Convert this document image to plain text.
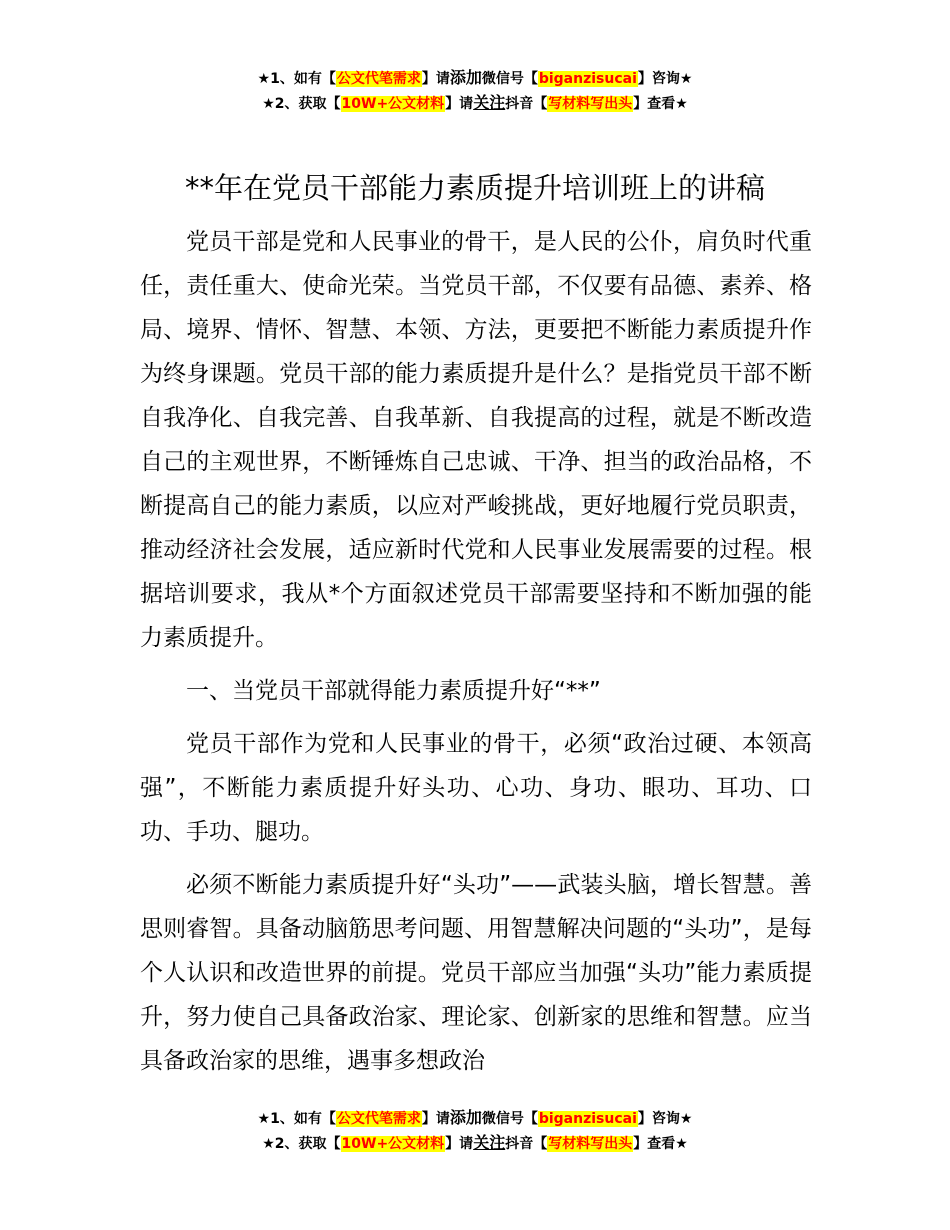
★1、如有【公文代笔需求】请添加微信号【biganzisucai】咨询★
★2、获取【10W+公文材料】请关注抖音【写材料写出头】查看★
**年在党员干部能力素质提升培训班上的讲稿

党员干部是党和人民事业的骨干，是人民的公仆，肩负时代重任，责任重大、使命光荣。当党员干部，不仅要有品德、素养、格局、境界、情怀、智慧、本领、方法，更要把不断能力素质提升作为终身课题。党员干部的能力素质提升是什么？是指党员干部不断自我净化、自我完善、自我革新、自我提高的过程，就是不断改造自己的主观世界，不断锤炼自己忠诚、干净、担当的政治品格，不断提高自己的能力素质，以应对严峻挑战，更好地履行党员职责，推动经济社会发展，适应新时代党和人民事业发展需要的过程。根据培训要求，我从*个方面叙述党员干部需要坚持和不断加强的能力素质提升。

一、当党员干部就得能力素质提升好“**”

党员干部作为党和人民事业的骨干，必须“政治过硬、本领高强”，不断能力素质提升好头功、心功、身功、眼功、耳功、口功、手功、腿功。

必须不断能力素质提升好“头功”——武装头脑，增长智慧。善思则睿智。具备动脑筋思考问题、用智慧解决问题的“头功”，是每个人认识和改造世界的前提。党员干部应当加强“头功”能力素质提升，努力使自己具备政治家、理论家、创新家的思维和智慧。应当具备政治家的思维，遇事多想政治

★1、如有【公文代笔需求】请添加微信号【biganzisucai】咨询★
★2、获取【10W+公文材料】请关注抖音【写材料写出头】查看★
